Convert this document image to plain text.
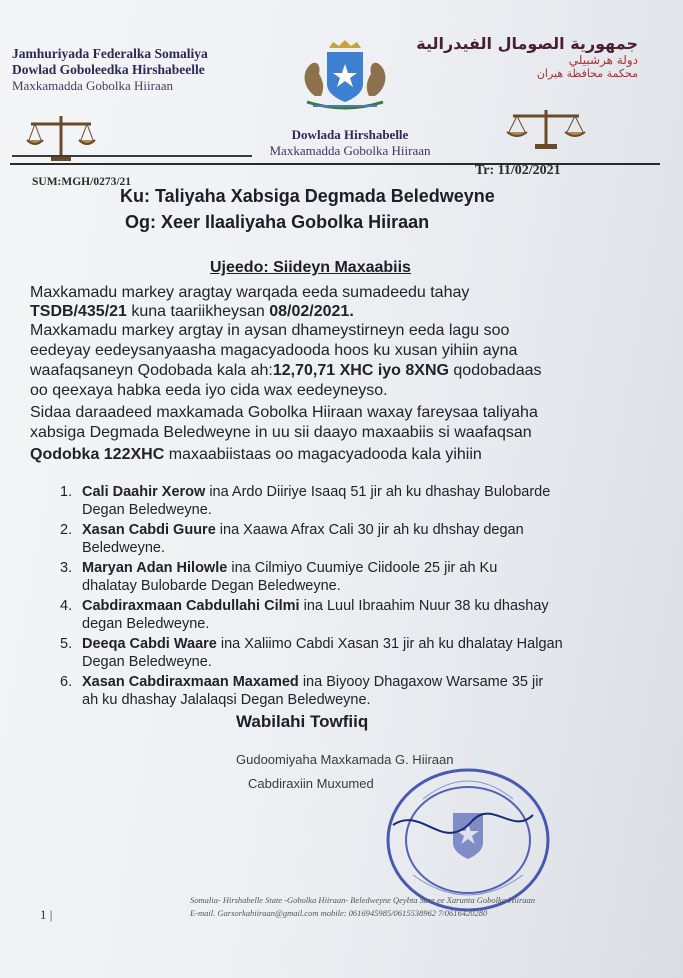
Jamhuriyada Federalka Somaliya
Dowlad Goboleedka Hirshabeelle
Maxkamadda Gobolka Hiiraan
جمهورية الصومال الفيدرالية
دولة هرشبيلي
محكمة محافظة هيران
Dowlada Hirshabelle
Maxkamadda Gobolka Hiiraan
Tr: 11/02/2021
SUM:MGH/0273/21
Ku: Taliyaha Xabsiga Degmada Beledweyne
Og: Xeer Ilaaliyaha Gobolka Hiiraan
Ujeedo: Siideyn Maxaabiis
Maxkamadu markey aragtay warqada eeda sumadeedu tahay
TSDB/435/21 kuna taariikheysan 08/02/2021.
Maxkamadu markey argtay in aysan dhameystirneyn eeda lagu soo
eedeyay eedeysanyaasha magacyadooda hoos ku xusan yihiin ayna
waafaqsaneyn Qodobada kala ah:12,70,71 XHC iyo 8XNG qodobadaas
oo qeexaya habka eeda iyo cida wax eedeyneyso.
Sidaa daraadeed maxkamada Gobolka Hiiraan waxay fareysaa taliyaha
xabsiga Degmada Beledweyne in uu sii daayo maxaabiis si waafaqsan
Qodobka 122XHC maxaabiistaas oo magacyadooda kala yihiin
1. Cali Daahir Xerow ina Ardo Diiriye Isaaq 51 jir ah ku dhashay Bulobarde
Degan Beledweyne.
2. Xasan Cabdi Guure ina Xaawa Afrax Cali 30 jir ah ku dhshay degan
Beledweyne.
3. Maryan Adan Hilowle ina Cilmiyo Cuumiye Ciidoole 25 jir ah Ku
dhalatay Bulobarde Degan Beledweyne.
4. Cabdiraxmaan Cabdullahi Cilmi ina Luul Ibraahim Nuur 38 ku dhashay
degan Beledweyne.
5. Deeqa Cabdi Waare ina Xaliimo Cabdi Xasan 31 jir ah ku dhalatay Halgan
Degan Beledweyne.
6. Xasan Cabdiraxmaan Maxamed ina Biyooy Dhagaxow Warsame 35 jir
ah ku dhashay Jalalaqsi Degan Beledweyne.
Wabilahi Towfiiq
Gudoomiyaha Maxkamada G. Hiiraan
Cabdiraxiin Muxumed
1 |
Somalia- Hirshabelle State -Gobolka Hiiraan- Beledweyne Qeybta Sare ee Xarunta Gobolka Hiiraan
E-mail. Garsorkahiiraan@gmail.com mobile: 0616945985/0615538962 7/0616420280
